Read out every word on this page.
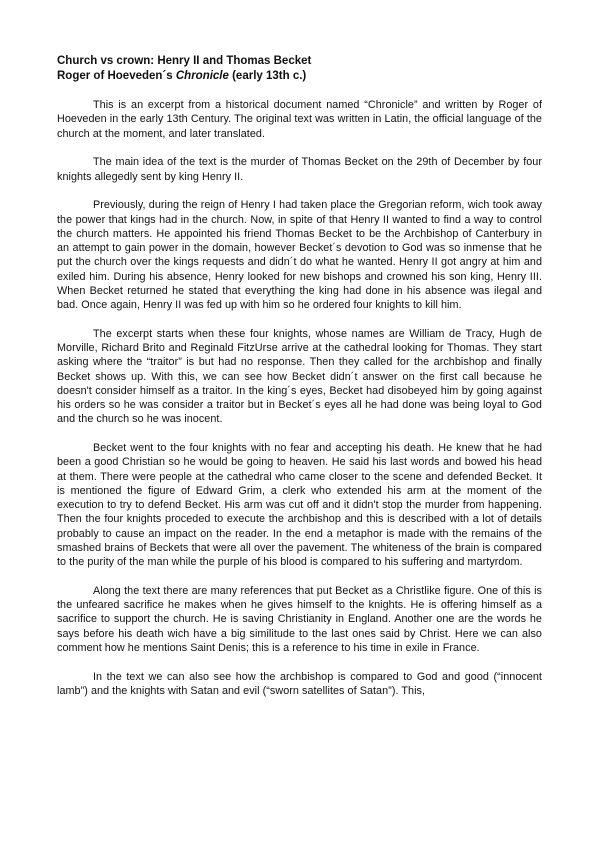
Church vs crown: Henry II and Thomas Becket
Roger of Hoeveden´s Chronicle (early 13th c.)

This is an excerpt from a historical document named “Chronicle” and written by Roger of Hoeveden in the early 13th Century. The original text was written in Latin, the official language of the church at the moment, and later translated.

The main idea of the text is the murder of Thomas Becket on the 29th of December by four knights allegedly sent by king Henry II.

Previously, during the reign of Henry I had taken place the Gregorian reform, wich took away the power that kings had in the church. Now, in spite of that Henry II wanted to find a way to control the church matters. He appointed his friend Thomas Becket to be the Archbishop of Canterbury in an attempt to gain power in the domain, however Becket´s devotion to God was so inmense that he put the church over the kings requests and didn´t do what he wanted. Henry II got angry at him and exiled him. During his absence, Henry looked for new bishops and crowned his son king, Henry III. When Becket returned he stated that everything the king had done in his absence was ilegal and bad. Once again, Henry II was fed up with him so he ordered four knights to kill him.

The excerpt starts when these four knights, whose names are William de Tracy, Hugh de Morville, Richard Brito and Reginald FitzUrse arrive at the cathedral looking for Thomas. They start asking where the “traitor” is but had no response. Then they called for the archbishop and finally Becket shows up. With this, we can see how Becket didn´t answer on the first call because he doesn't consider himself as a traitor. In the king´s eyes, Becket had disobeyed him by going against his orders so he was consider a traitor but in Becket´s eyes all he had done was being loyal to God and the church so he was inocent.

Becket went to the four knights with no fear and accepting his death. He knew that he had been a good Christian so he would be going to heaven. He said his last words and bowed his head at them. There were people at the cathedral who came closer to the scene and defended Becket. It is mentioned the figure of Edward Grim, a clerk who extended his arm at the moment of the execution to try to defend Becket. His arm was cut off and it didn't stop the murder from happening. Then the four knights proceded to execute the archbishop and this is described with a lot of details probably to cause an impact on the reader. In the end a metaphor is made with the remains of the smashed brains of Beckets that were all over the pavement. The whiteness of the brain is compared to the purity of the man while the purple of his blood is compared to his suffering and martyrdom.

Along the text there are many references that put Becket as a Christlike figure. One of this is the unfeared sacrifice he makes when he gives himself to the knights. He is offering himself as a sacrifice to support the church. He is saving Christianity in England. Another one are the words he says before his death wich have a big similitude to the last ones said by Christ. Here we can also comment how he mentions Saint Denis; this is a reference to his time in exile in France.

In the text we can also see how the archbishop is compared to God and good (“innocent lamb”) and the knights with Satan and evil (“sworn satellites of Satan”). This,
